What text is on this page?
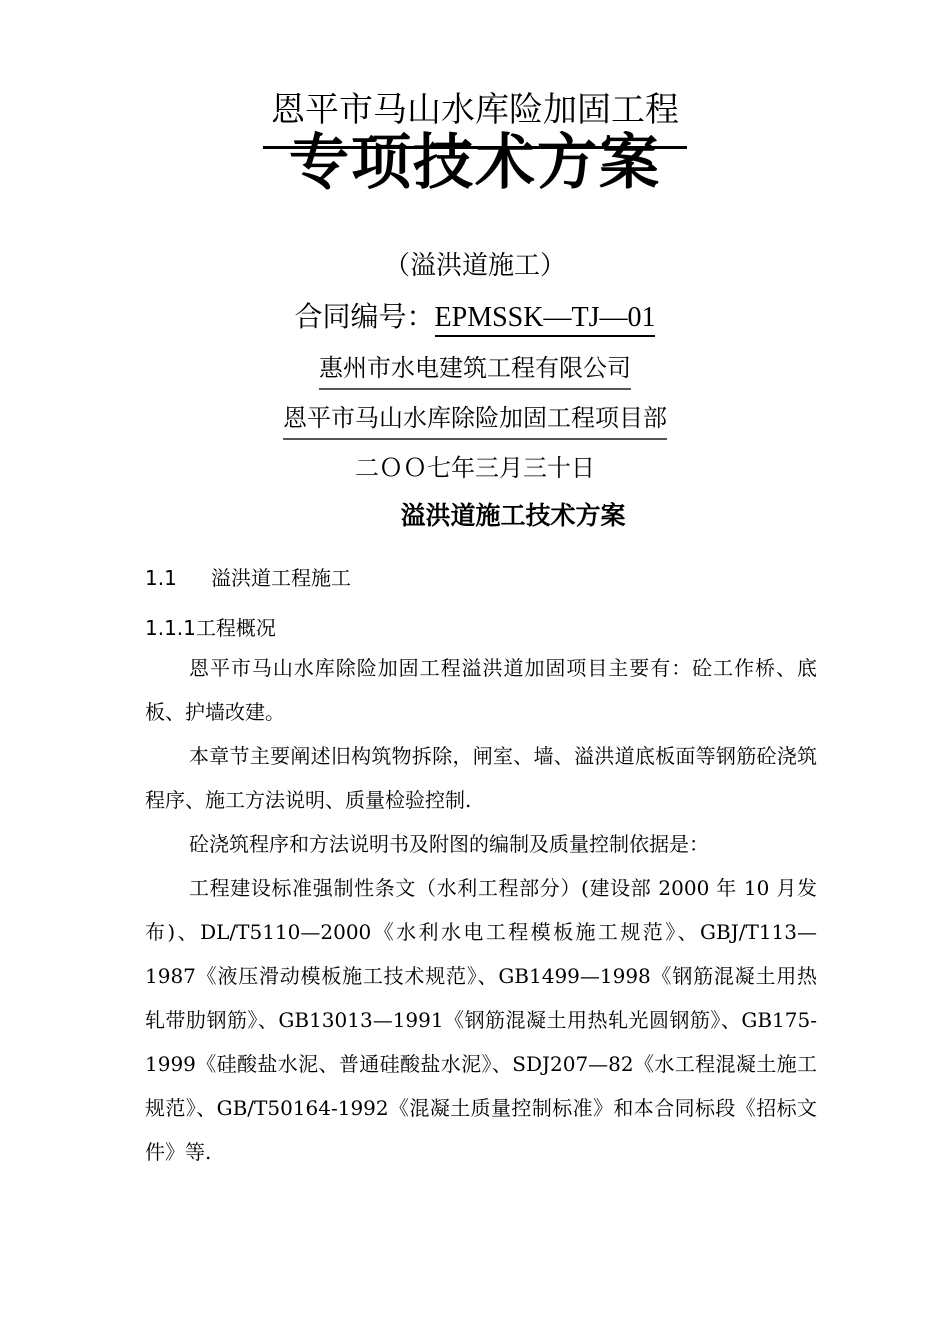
恩平市马山水库险加固工程
专项技术方案
（溢洪道施工）
合同编号：EPMSSK—TJ—01
惠州市水电建筑工程有限公司
恩平市马山水库除险加固工程项目部
二ＯＯ七年三月三十日
溢洪道施工技术方案
1.1 溢洪道工程施工
1.1.1工程概况

恩平市马山水库除险加固工程溢洪道加固项目主要有：砼工作桥、底板、护墙改建。

本章节主要阐述旧构筑物拆除，闸室、墙、溢洪道底板面等钢筋砼浇筑程序、施工方法说明、质量检验控制.

砼浇筑程序和方法说明书及附图的编制及质量控制依据是：

工程建设标准强制性条文（水利工程部分）(建设部 2000 年 10 月发布)、DL/T5110—2000《水利水电工程模板施工规范》、GBJ/T113—1987《液压滑动模板施工技术规范》、GB1499—1998《钢筋混凝土用热轧带肋钢筋》、GB13013—1991《钢筋混凝土用热轧光圆钢筋》、GB175-1999《硅酸盐水泥、普通硅酸盐水泥》、SDJ207—82《水工程混凝土施工规范》、GB/T50164-1992《混凝土质量控制标准》和本合同标段《招标文件》等.
